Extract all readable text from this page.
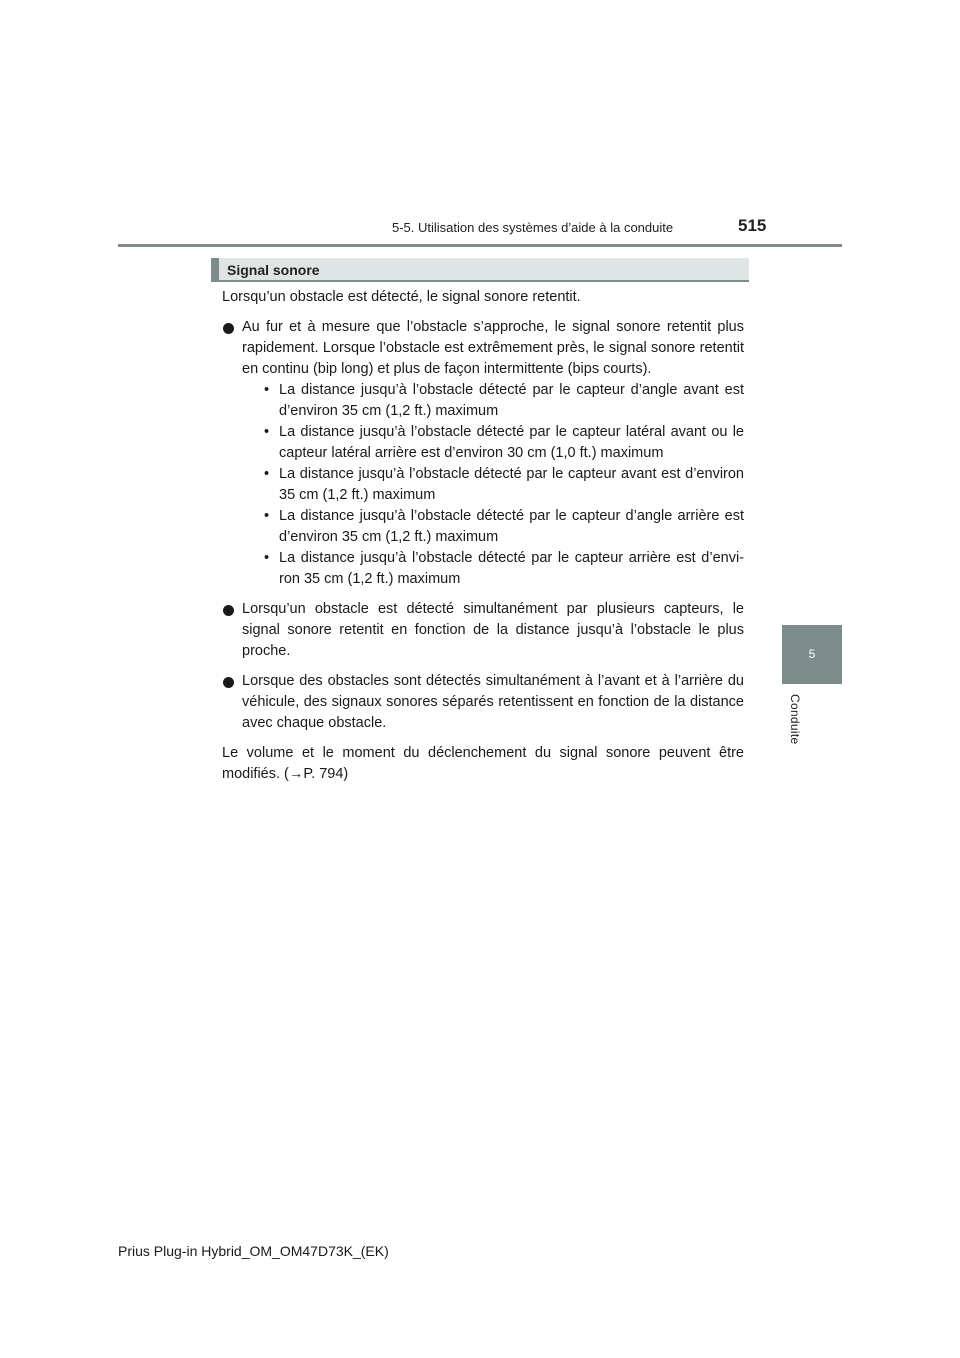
5-5. Utilisation des systèmes d’aide à la conduite	515
5
Conduite
Signal sonore

Lorsqu’un obstacle est détecté, le signal sonore retentit.

Au fur et à mesure que l’obstacle s’approche, le signal sonore retentit plus rapidement. Lorsque l’obstacle est extrêmement près, le signal sonore retentit en continu (bip long) et plus de façon intermittente (bips courts).
• La distance jusqu’à l’obstacle détecté par le capteur d’angle avant est d’environ 35 cm (1,2 ft.) maximum
• La distance jusqu’à l’obstacle détecté par le capteur latéral avant ou le capteur latéral arrière est d’environ 30 cm (1,0 ft.) maximum
• La distance jusqu’à l’obstacle détecté par le capteur avant est d’environ 35 cm (1,2 ft.) maximum
• La distance jusqu’à l’obstacle détecté par le capteur d’angle arrière est d’environ 35 cm (1,2 ft.) maximum
• La distance jusqu’à l’obstacle détecté par le capteur arrière est d’envi-ron 35 cm (1,2 ft.) maximum
Lorsqu’un obstacle est détecté simultanément par plusieurs capteurs, le signal sonore retentit en fonction de la distance jusqu’à l’obstacle le plus proche.
Lorsque des obstacles sont détectés simultanément à l’avant et à l’arrière du véhicule, des signaux sonores séparés retentissent en fonction de la distance avec chaque obstacle.

Le volume et le moment du déclenchement du signal sonore peuvent être modifiés. (→P. 794)

Prius Plug-in Hybrid_OM_OM47D73K_(EK)
